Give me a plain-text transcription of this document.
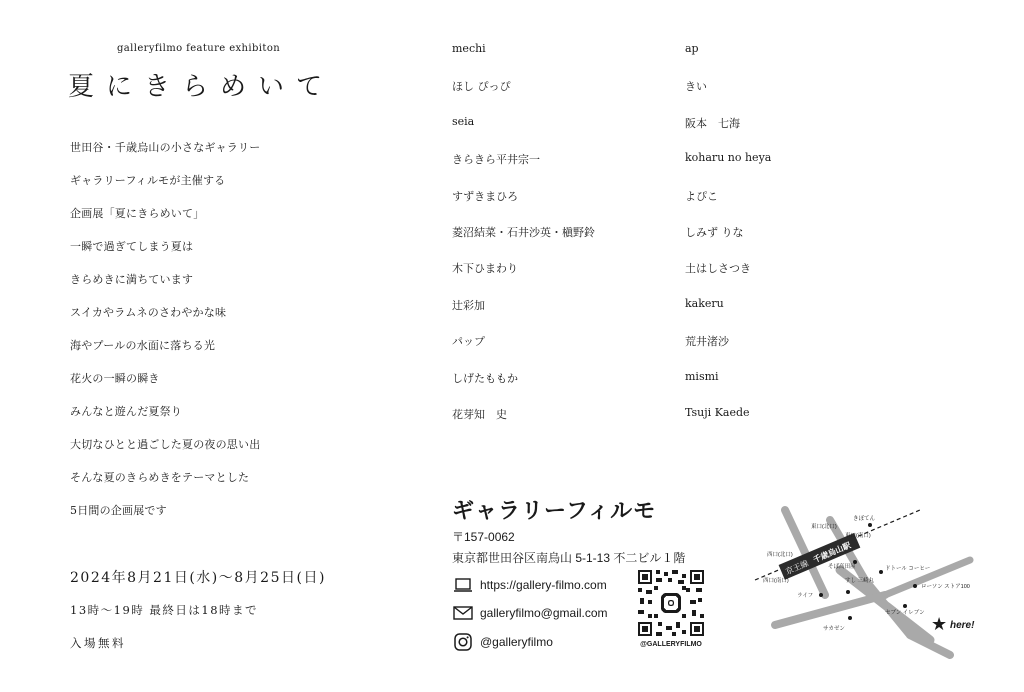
galleryfilmo feature exhibiton
夏にきらめいて
世田谷・千歳烏山の小さなギャラリー
ギャラリーフィルモが主催する
企画展「夏にきらめいて」
一瞬で過ぎてしまう夏は
きらめきに満ちています
スイカやラムネのさわやかな味
海やプールの水面に落ちる光
花火の一瞬の瞬き
みんなと遊んだ夏祭り
大切なひとと過ごした夏の夜の思い出
そんな夏のきらめきをテーマとした
5日間の企画展です
2024年8月21日(水)〜8月25日(日)
13時〜19時 最終日は18時まで
入場無料
mechi
ほし ぴっぴ
seia
きらきら平井宗一
すずきまひろ
菱沼結菜・石井沙英・槇野鈴
木下ひまわり
辻彩加
パップ
しげたももか
花芽知　史
ap
きい
阪本　七海
koharu no heya
よぴこ
しみず りな
土はしさつき
kakeru
荒井渚沙
mismi
Tsuji Kaede
ギャラリーフィルモ
〒157-0062
東京都世田谷区南烏山 5-1-13 不二ビル１階
https://gallery-filmo.com
galleryfilmo@gmail.com
@galleryfilmo	@GALLERYFILMO
京王線
千歳烏山駅
東口(北口)
西口(北口)
東口(南口)
西口(南口)
きぼてん
そば高田屋	ドトール コーヒー
すし 三崎丸
ライフ
ローソン ストア100
サカゼン
セブン イレブン
★ here!
